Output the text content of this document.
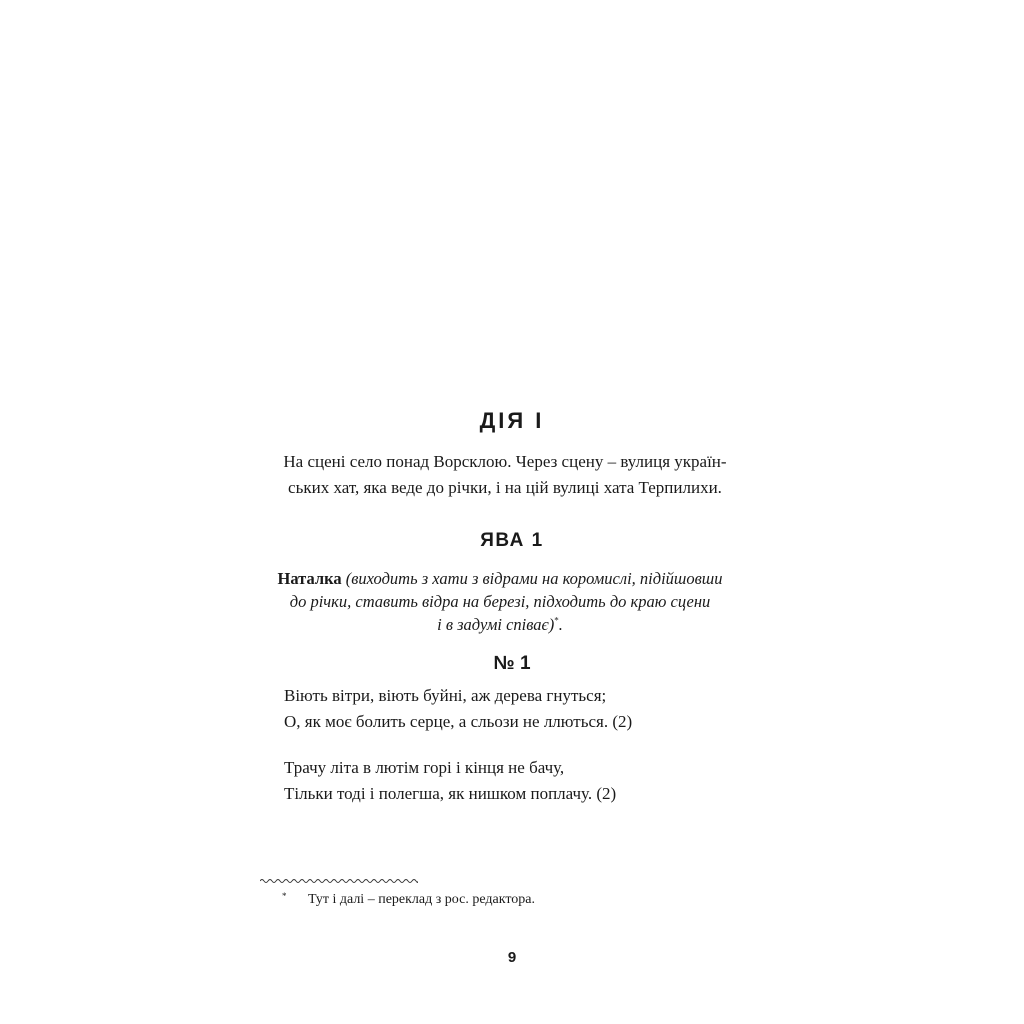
ДІЯ І
На сцені село понад Ворсклою. Через сцену – вулиця україн-
ських хат, яка веде до річки, і на цій вулиці хата Терпилихи.
ЯВА 1
Наталка (виходить з хати з відрами на коромислі, підійшовши
до річки, ставить відра на березі, підходить до краю сцени
і в задумі співає)*.
№ 1
Віють вітри, віють буйні, аж дерева гнуться;
О, як моє болить серце, а сльози не ллються. (2)
Трачу літа в лютім горі і кінця не бачу,
Тільки тоді і полегша, як нишком поплачу. (2)
* Тут і далі – переклад з рос. редактора.
9
